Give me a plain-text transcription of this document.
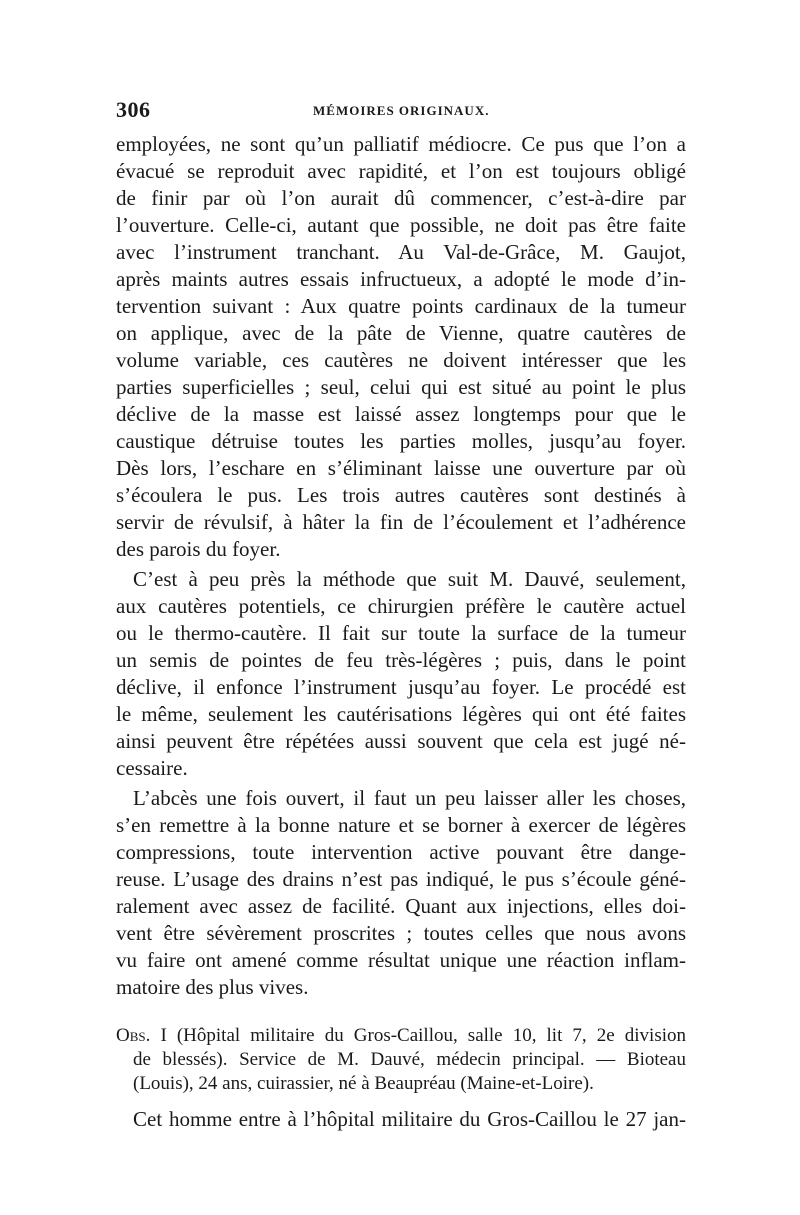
306	MÉMOIRES ORIGINAUX.
employées, ne sont qu’un palliatif médiocre. Ce pus que l’on a
évacué se reproduit avec rapidité, et l’on est toujours obligé
de finir par où l’on aurait dû commencer, c’est-à-dire par
l’ouverture. Celle-ci, autant que possible, ne doit pas être faite
avec l’instrument tranchant. Au Val-de-Grâce, M. Gaujot,
après maints autres essais infructueux, a adopté le mode d’in-
tervention suivant : Aux quatre points cardinaux de la tumeur
on applique, avec de la pâte de Vienne, quatre cautères de
volume variable, ces cautères ne doivent intéresser que les
parties superficielles ; seul, celui qui est situé au point le plus
déclive de la masse est laissé assez longtemps pour que le
caustique détruise toutes les parties molles, jusqu’au foyer.
Dès lors, l’eschare en s’éliminant laisse une ouverture par où
s’écoulera le pus. Les trois autres cautères sont destinés à
servir de révulsif, à hâter la fin de l’écoulement et l’adhérence
des parois du foyer.
C’est à peu près la méthode que suit M. Dauvé, seulement,
aux cautères potentiels, ce chirurgien préfère le cautère actuel
ou le thermo-cautère. Il fait sur toute la surface de la tumeur
un semis de pointes de feu très-légères ; puis, dans le point
déclive, il enfonce l’instrument jusqu’au foyer. Le procédé est
le même, seulement les cautérisations légères qui ont été faites
ainsi peuvent être répétées aussi souvent que cela est jugé né-
cessaire.
L’abcès une fois ouvert, il faut un peu laisser aller les choses,
s’en remettre à la bonne nature et se borner à exercer de légères
compressions, toute intervention active pouvant être dange-
reuse. L’usage des drains n’est pas indiqué, le pus s’écoule géné-
ralement avec assez de facilité. Quant aux injections, elles doi-
vent être sévèrement proscrites ; toutes celles que nous avons
vu faire ont amené comme résultat unique une réaction inflam-
matoire des plus vives.
Obs. I (Hôpital militaire du Gros-Caillou, salle 10, lit 7, 2e division
de blessés). Service de M. Dauvé, médecin principal. — Bioteau
(Louis), 24 ans, cuirassier, né à Beaupréau (Maine-et-Loire).
Cet homme entre à l’hôpital militaire du Gros-Caillou le 27 jan-
